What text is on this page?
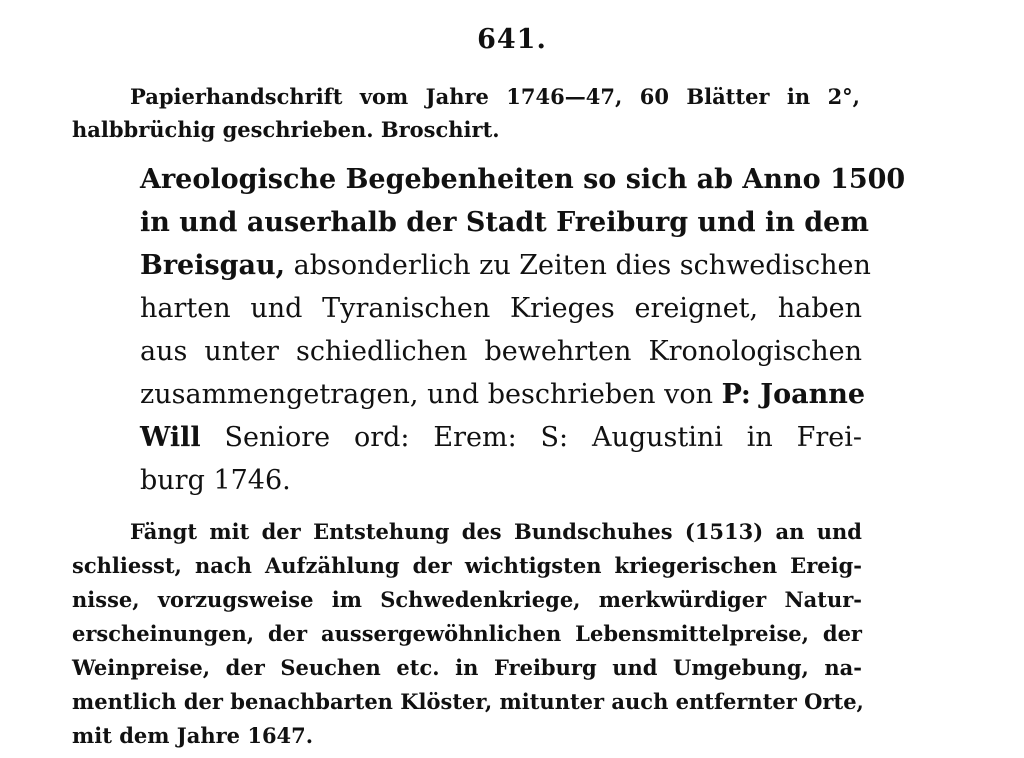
641.
Papierhandschrift vom Jahre 1746—47, 60 Blätter in 2°,
halbbrüchig geschrieben. Broschirt.
Areologische Begebenheiten so sich ab Anno 1500
in und auserhalb der Stadt Freiburg und in dem
Breisgau, absonderlich zu Zeiten dies schwedischen
harten und Tyranischen Krieges ereignet, haben
aus unter schiedlichen bewehrten Kronologischen
zusammengetragen, und beschrieben von P: Joanne
Will Seniore ord: Erem: S: Augustini in Frei-
burg 1746.
Fängt mit der Entstehung des Bundschuhes (1513) an und
schliesst, nach Aufzählung der wichtigsten kriegerischen Ereig-
nisse, vorzugsweise im Schwedenkriege, merkwürdiger Natur-
erscheinungen, der aussergewöhnlichen Lebensmittelpreise, der
Weinpreise, der Seuchen etc. in Freiburg und Umgebung, na-
mentlich der benachbarten Klöster, mitunter auch entfernter Orte,
mit dem Jahre 1647.
